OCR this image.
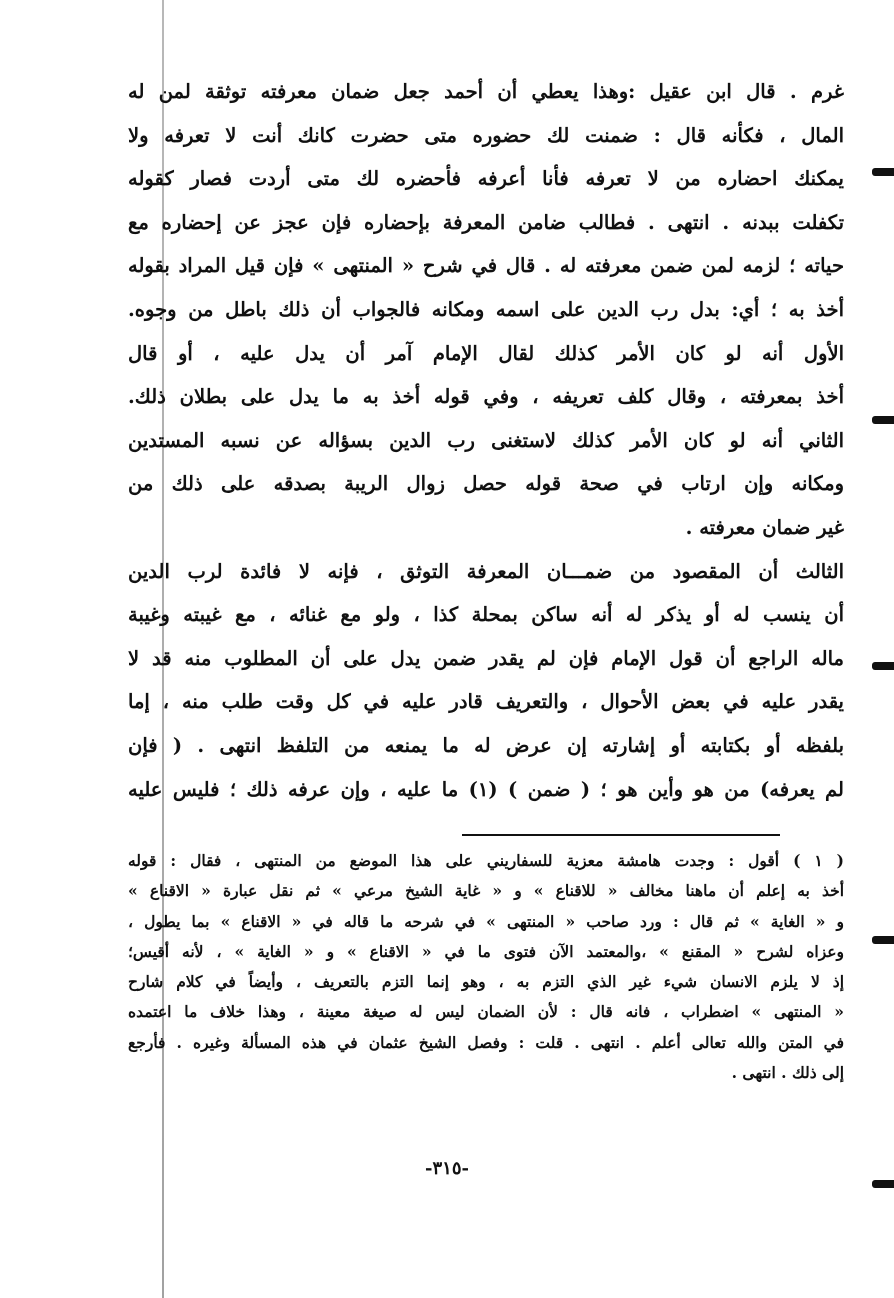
غرم . قال ابن عقيل :وهذا يعطي أن أحمد جعل ضمان معرفته توثقة لمن له
المال ، فكأنه قال : ضمنت لك حضوره متى حضرت كانك أنت لا تعرفه ولا
يمكنك احضاره من لا تعرفه فأنا أعرفه فأحضره لك متى أردت فصار كقوله
تكفلت ببدنه . انتهى . فطالب ضامن المعرفة بإحضاره فإن عجز عن إحضاره مع
حياته ؛ لزمه لمن ضمن معرفته له . قال في شرح « المنتهى » فإن قيل المراد بقوله
أخذ به ؛ أي: بدل رب الدين على اسمه ومكانه فالجواب أن ذلك باطل من وجوه.
الأول أنه لو كان الأمر كذلك لقال الإمام آمر أن يدل عليه ، أو قال
أخذ بمعرفته ، وقال كلف تعريفه ، وفي قوله أخذ به ما يدل على بطلان ذلك.
الثاني أنه لو كان الأمر كذلك لاستغنى رب الدين بسؤاله عن نسبه المستدين
ومكانه وإن ارتاب في صحة قوله حصل زوال الريبة بصدقه على ذلك من
غير ضمان معرفته .
الثالث أن المقصود من ضمـــان المعرفة التوثق ، فإنه لا فائدة لرب الدين
أن ينسب له أو يذكر له أنه ساكن بمحلة كذا ، ولو مع غنائه ، مع غيبته وغيبة
ماله الراجع أن قول الإمام فإن لم يقدر ضمن يدل على أن المطلوب منه قد لا
يقدر عليه في بعض الأحوال ، والتعريف قادر عليه في كل وقت طلب منه ، إما
بلفظه أو بكتابته أو إشارته إن عرض له ما يمنعه من التلفظ انتهى . ( فإن
لم يعرفه) من هو وأين هو ؛ ( ضمن ) (١) ما عليه ، وإن عرفه ذلك ؛ فليس عليه
( ١ ) أقول : وجدت هامشة معزية للسفاريني على هذا الموضع من المنتهى ، فقال : قوله
أخذ به إعلم أن ماهنا مخالف « للاقناع » و « غاية الشيخ مرعي » ثم نقل عبارة « الاقناع »
و « الغاية » ثم قال : ورد صاحب « المنتهى » في شرحه ما قاله في « الاقناع » بما يطول ،
وعزاه لشرح « المقنع » ،والمعتمد الآن فتوى ما في « الاقناع » و « الغاية » ، لأنه أقيس؛
إذ لا يلزم الانسان شيء غير الذي التزم به ، وهو إنما التزم بالتعريف ، وأيضاً في كلام شارح
« المنتهى » اضطراب ، فانه قال : لأن الضمان ليس له صيغة معينة ، وهذا خلاف ما اعتمده
في المتن والله تعالى أعلم . انتهى . قلت : وفصل الشيخ عثمان في هذه المسألة وغيره . فأرجع
إلى ذلك . انتهى .
-٣١٥-
